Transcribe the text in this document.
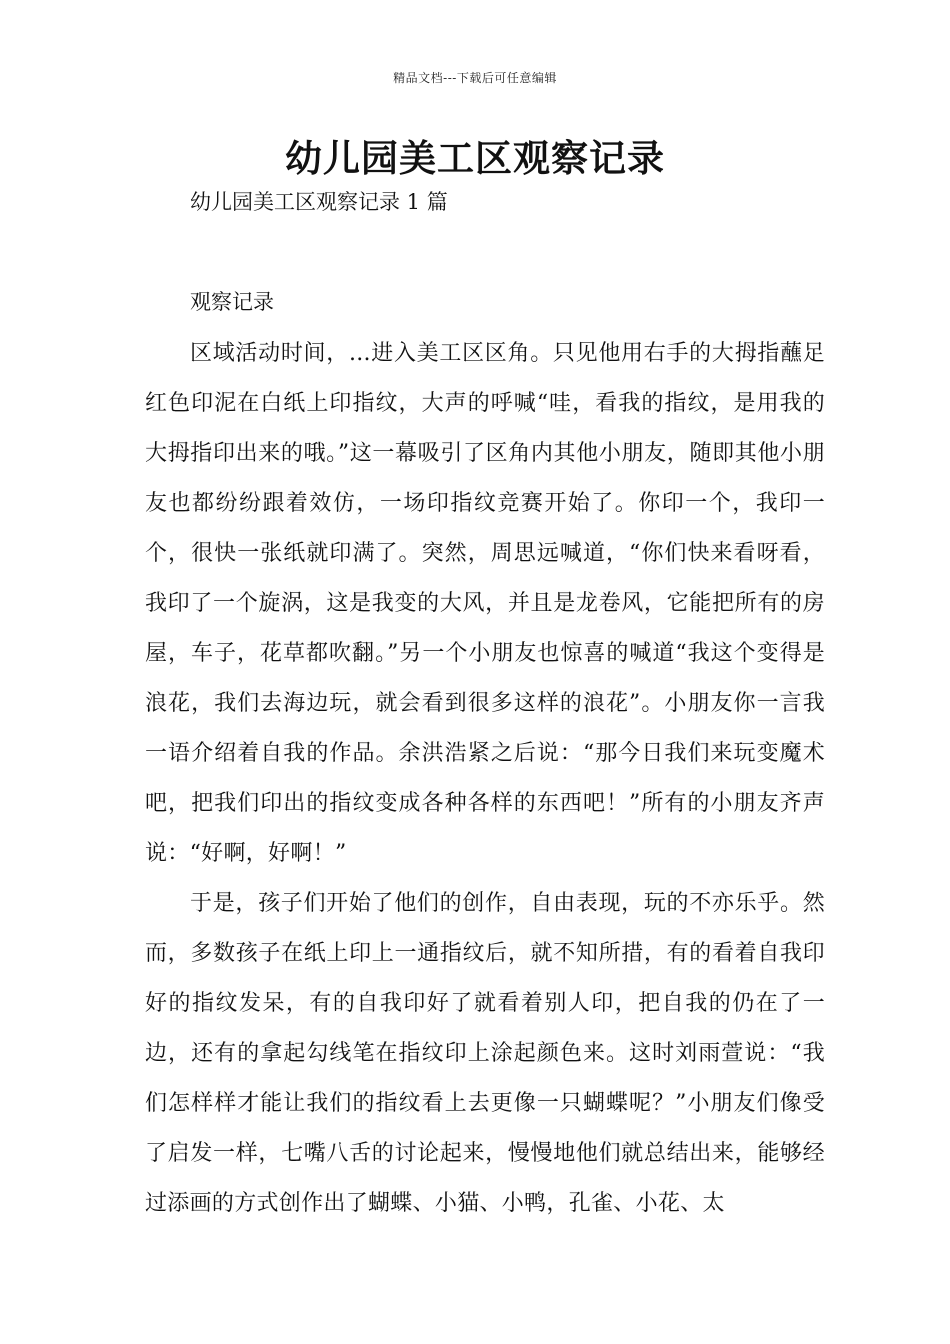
精品文档---下载后可任意编辑
幼儿园美工区观察记录
幼儿园美工区观察记录 1 篇
观察记录

区域活动时间，...进入美工区区角。只见他用右手的大拇指蘸足红色印泥在白纸上印指纹，大声的呼喊“哇，看我的指纹，是用我的大拇指印出来的哦。”这一幕吸引了区角内其他小朋友，随即其他小朋友也都纷纷跟着效仿，一场印指纹竞赛开始了。你印一个，我印一个，很快一张纸就印满了。突然，周思远喊道，“你们快来看呀看，我印了一个旋涡，这是我变的大风，并且是龙卷风，它能把所有的房屋，车子，花草都吹翻。”另一个小朋友也惊喜的喊道“我这个变得是浪花，我们去海边玩，就会看到很多这样的浪花”。小朋友你一言我一语介绍着自我的作品。余洪浩紧之后说：“那今日我们来玩变魔术吧，把我们印出的指纹变成各种各样的东西吧！”所有的小朋友齐声说：“好啊，好啊！”

于是，孩子们开始了他们的创作，自由表现，玩的不亦乐乎。然而，多数孩子在纸上印上一通指纹后，就不知所措，有的看着自我印好的指纹发呆，有的自我印好了就看着别人印，把自我的仍在了一边，还有的拿起勾线笔在指纹印上涂起颜色来。这时刘雨萱说：“我们怎样样才能让我们的指纹看上去更像一只蝴蝶呢？”小朋友们像受了启发一样，七嘴八舌的讨论起来，慢慢地他们就总结出来，能够经过添画的方式创作出了蝴蝶、小猫、小鸭，孔雀、小花、太
